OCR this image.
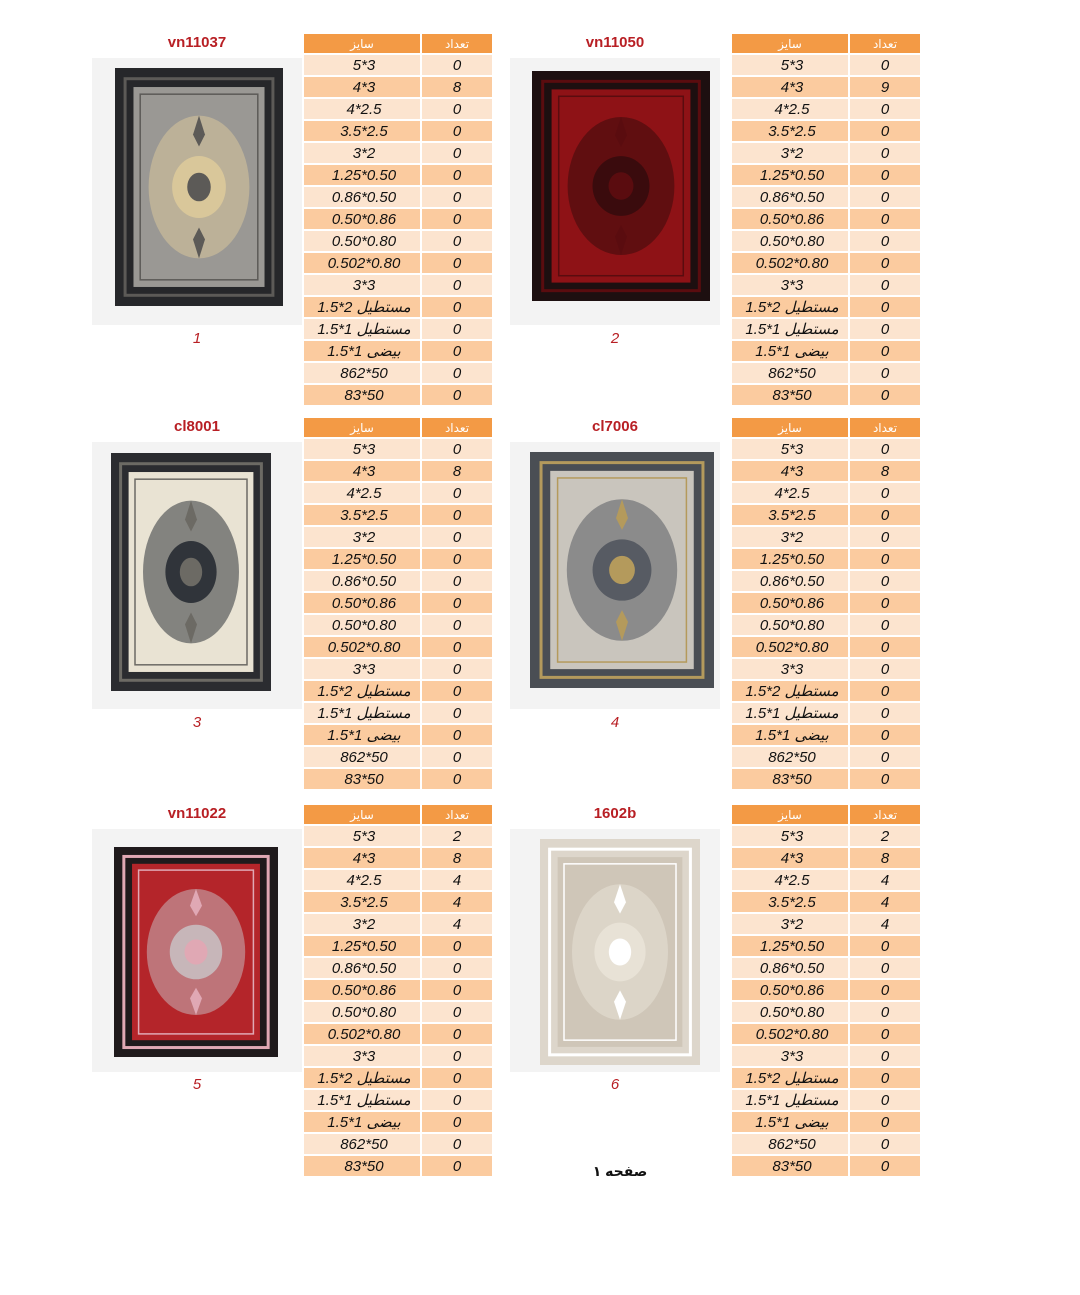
vn11037
1
سایز	تعداد
3*5	0
3*4	8
2.5*4	0
2.5*3.5	0
2*3	0
0.50*1.25	0
0.50*0.86	0
0.86*0.50	0
0.80*0.50	0
0.80*0.502	0
3*3	0
مستطیل 2*1.5	0
مستطیل 1*1.5	0
بیضی 1*1.5	0
50*862	0
50*83	0
vn11050
2
سایز	تعداد
3*5	0
3*4	9
2.5*4	0
2.5*3.5	0
2*3	0
0.50*1.25	0
0.50*0.86	0
0.86*0.50	0
0.80*0.50	0
0.80*0.502	0
3*3	0
مستطیل 2*1.5	0
مستطیل 1*1.5	0
بیضی 1*1.5	0
50*862	0
50*83	0
cl8001
3
سایز	تعداد
3*5	0
3*4	8
2.5*4	0
2.5*3.5	0
2*3	0
0.50*1.25	0
0.50*0.86	0
0.86*0.50	0
0.80*0.50	0
0.80*0.502	0
3*3	0
مستطیل 2*1.5	0
مستطیل 1*1.5	0
بیضی 1*1.5	0
50*862	0
50*83	0
cl7006
4
سایز	تعداد
3*5	0
3*4	8
2.5*4	0
2.5*3.5	0
2*3	0
0.50*1.25	0
0.50*0.86	0
0.86*0.50	0
0.80*0.50	0
0.80*0.502	0
3*3	0
مستطیل 2*1.5	0
مستطیل 1*1.5	0
بیضی 1*1.5	0
50*862	0
50*83	0
vn11022
5
سایز	تعداد
3*5	2
3*4	8
2.5*4	4
2.5*3.5	4
2*3	4
0.50*1.25	0
0.50*0.86	0
0.86*0.50	0
0.80*0.50	0
0.80*0.502	0
3*3	0
مستطیل 2*1.5	0
مستطیل 1*1.5	0
بیضی 1*1.5	0
50*862	0
50*83	0
1602b
6
سایز	تعداد
3*5	2
3*4	8
2.5*4	4
2.5*3.5	4
2*3	4
0.50*1.25	0
0.50*0.86	0
0.86*0.50	0
0.80*0.50	0
0.80*0.502	0
3*3	0
مستطیل 2*1.5	0
مستطیل 1*1.5	0
بیضی 1*1.5	0
50*862	0
50*83	0
صفحه ۱
